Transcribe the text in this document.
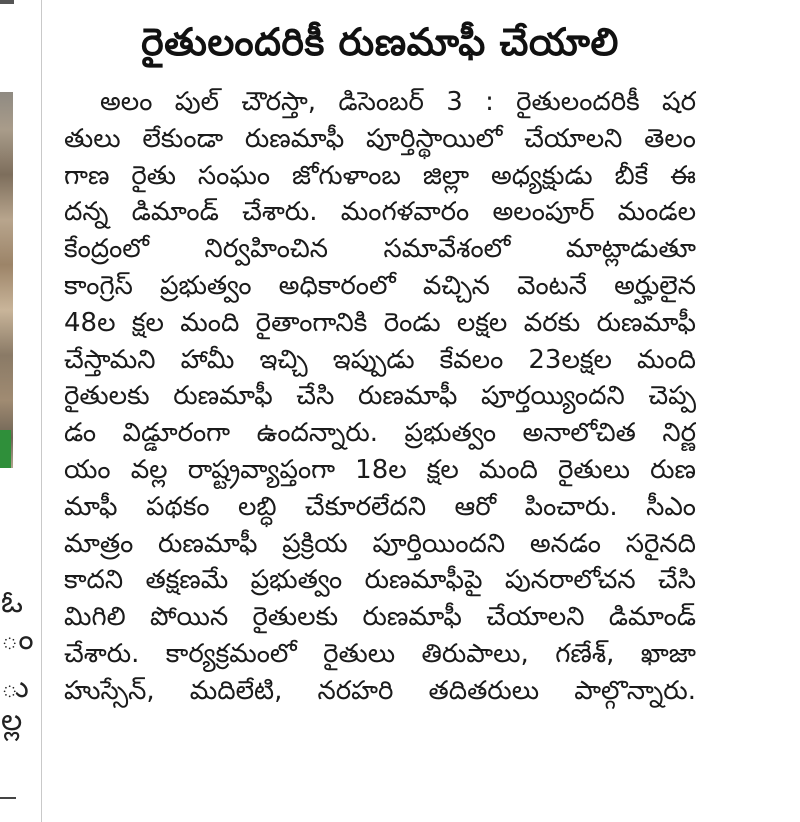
ఓ
ం
ు
ల్ల
రైతులందరికీ రుణమాఫీ చేయాలి
అలం పుల్ చౌరస్తా, డిసెంబర్ 3 : రైతులందరికీ షర
తులు లేకుండా రుణమాఫీ పూర్తిస్థాయిలో చేయాలని తెలం
గాణ రైతు సంఘం జోగుళాంబ జిల్లా అధ్యక్షుడు బీకే ఈ
దన్న డిమాండ్ చేశారు. మంగళవారం అలంపూర్ మండల
కేంద్రంలో నిర్వహించిన సమావేశంలో మాట్లాడుతూ
కాంగ్రెస్ ప్రభుత్వం అధికారంలో వచ్చిన వెంటనే అర్హులైన
48ల క్షల మంది రైతాంగానికి రెండు లక్షల వరకు రుణమాఫీ
చేస్తామని హామీ ఇచ్చి ఇప్పుడు కేవలం 23లక్షల మంది
రైతులకు రుణమాఫీ చేసి రుణమాఫీ పూర్తయ్యిందని చెప్ప
డం విడ్డూరంగా ఉందన్నారు. ప్రభుత్వం అనాలోచిత నిర్ణ
యం వల్ల రాష్ట్రవ్యాప్తంగా 18ల క్షల మంది రైతులు రుణ
మాఫీ పథకం లబ్ధి చేకూరలేదని ఆరో పించారు. సీఎం
మాత్రం రుణమాఫీ ప్రక్రియ పూర్తియిందని అనడం సరైనది
కాదని తక్షణమే ప్రభుత్వం రుణమాఫీపై పునరాలోచన చేసి
మిగిలి పోయిన రైతులకు రుణమాఫీ చేయాలని డిమాండ్
చేశారు. కార్యక్రమంలో రైతులు తిరుపాలు, గణేశ్, ఖాజా
హుస్సేన్, మదిలేటి, నరహరి తదితరులు పాల్గొన్నారు.
